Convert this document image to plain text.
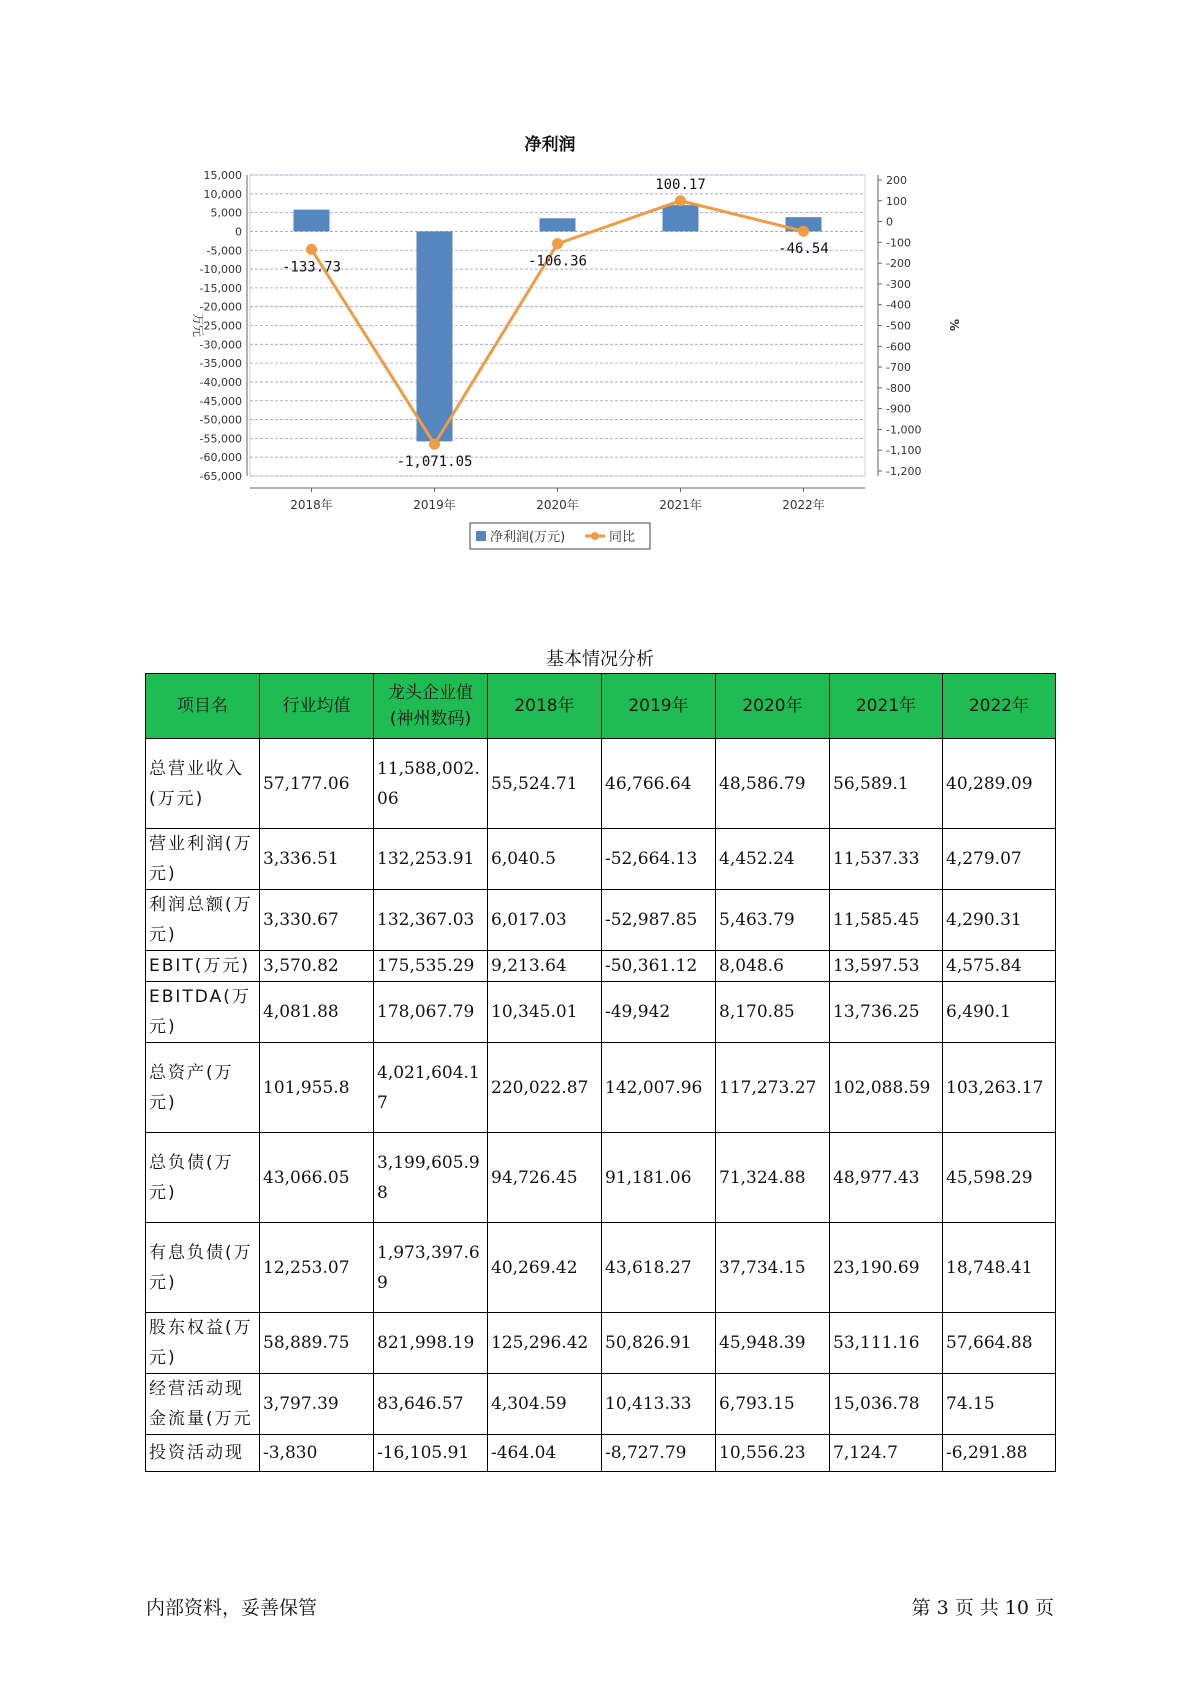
净利润
15,000
10,000
5,000
0
-5,000
-10,000
-15,000
-20,000
-25,000
-30,000
-35,000
-40,000
-45,000
-50,000
-55,000
-60,000
-65,000
200
100
0
-100
-200
-300
-400
-500
-600
-700
-800
-900
-1,000
-1,100
-1,200
万元	%
2018年	2019年	2020年	2021年	2022年
-133.73
-1,071.05
-106.36
100.17
-46.54
净利润(万元)	同比
基本情况分析
项目名	行业均值	龙头企业值(神州数码)	2018年	2019年	2020年	2021年	2022年
总营业收入(万元)	57,177.06	11,588,002.06	55,524.71	46,766.64	48,586.79	56,589.1	40,289.09
营业利润(万元)	3,336.51	132,253.91	6,040.5	-52,664.13	4,452.24	11,537.33	4,279.07
利润总额(万元)	3,330.67	132,367.03	6,017.03	-52,987.85	5,463.79	11,585.45	4,290.31
EBIT(万元)	3,570.82	175,535.29	9,213.64	-50,361.12	8,048.6	13,597.53	4,575.84
EBITDA(万元)	4,081.88	178,067.79	10,345.01	-49,942	8,170.85	13,736.25	6,490.1
总资产(万元)	101,955.8	4,021,604.17	220,022.87	142,007.96	117,273.27	102,088.59	103,263.17
总负债(万元)	43,066.05	3,199,605.98	94,726.45	91,181.06	71,324.88	48,977.43	45,598.29
有息负债(万元)	12,253.07	1,973,397.69	40,269.42	43,618.27	37,734.15	23,190.69	18,748.41
股东权益(万元)	58,889.75	821,998.19	125,296.42	50,826.91	45,948.39	53,111.16	57,664.88
经营活动现金流量(万元	3,797.39	83,646.57	4,304.59	10,413.33	6,793.15	15,036.78	74.15
投资活动现	-3,830	-16,105.91	-464.04	-8,727.79	10,556.23	7,124.7	-6,291.88
内部资料，妥善保管	第 3 页 共 10 页
